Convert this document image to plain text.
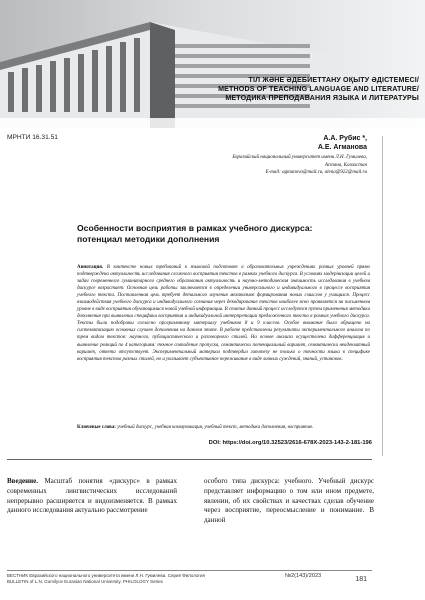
ТІЛ ЖӘНЕ ӘДЕБИЕТТАНУ ОҚЫТУ ӘДІСТЕМЕСІ/
METHODS OF TEACHING LANGUAGE AND LITERATURE/
МЕТОДИКА ПРЕПОДАВАНИЯ ЯЗЫКА И ЛИТЕРАТУРЫ
МРНТИ 16.31.51	А.А. Рубис *,
А.Е. Агманова
Евразийский национальный университет имени Л.Н. Гумилева,
Астана, Казахстан
E-mail: agmanova@mail.ru, alena@922@mail.ru
Особенности восприятия в рамках учебного дискурса:
потенциал методики дополнения
Аннотация. В контексте новых требований к языковой подготовке в образовательных учреждениях разных уровней прямо подтверждена актуальность исследования сложного восприятия текстов в рамках учебного дискурса. В условиях модернизации целей и задач современного гуманитарного среднего образования актуальность и научно-методическая значимость исследования в учебном дискурсе возрастает. Основная цель работы заключается в определении универсального и индивидуального в процессе восприятия учебного текста. Поставленная цель требует детального изучения механизмов формирования новых смыслов у учащихся. Процесс взаимодействия учебного дискурса и индивидуального сознания через декодирование текстов наиболее ясно проявляется на письменном уровне в виде восприятия обучающимися новой учебной информации. В статье данный процесс исследуется путем применения методики дополнения при выявлении специфики восприятия и индивидуальной интерпретации предложенного текста в рамках учебного дискурса. Тексты были подобраны согласно программному материалу учебников 8 и 9 классов. Особое внимание было обращено на систематизацию основных случаев дополнения на данном этапе. В работе представлены результаты экспериментального анализа по трем видам текстов: научного, публицистического и разговорного стилей. На основе анализа осуществлена дифференциация и выявление реакций по 4 категориям: точное совпадение пропуска, семантически потенциальный вариант, семантически неадекватный вариант, ответа отсутствует. Экспериментальный материал подтвердил гипотезу не только о точности языка в специфике восприятия текстов разных стилей, но и указывает субъективное переживание в виде личных суждений, знаний, установок.
Ключевые слова: учебный дискурс, учебная коммуникация, учебный текст, методика дополнения, восприятие.
DOI: https://doi.org/10.32523/2616-678X-2023-143-2-181-196
Введение. Масштаб понятия «дискурс» в рамках современных лингвистических исследований непрерывно расширяется и видоизменяется. В рамках данного исследования актуально рассмотрение
особого типа дискурса: учебного. Учебный дискурс представляет информацию о том или ином предмете, явлении, об их свойствах и качествах сделав обучение через восприятие, переосмысление и понимание. В данной
ВЕСТНИК Евразийского национального университета имени Л.Н. Гумилева. Серия Филология
BULLETIN of L.N. Gumilyov Eurasian National University. PHILOLOGY Series
№2(143)/2023	181
